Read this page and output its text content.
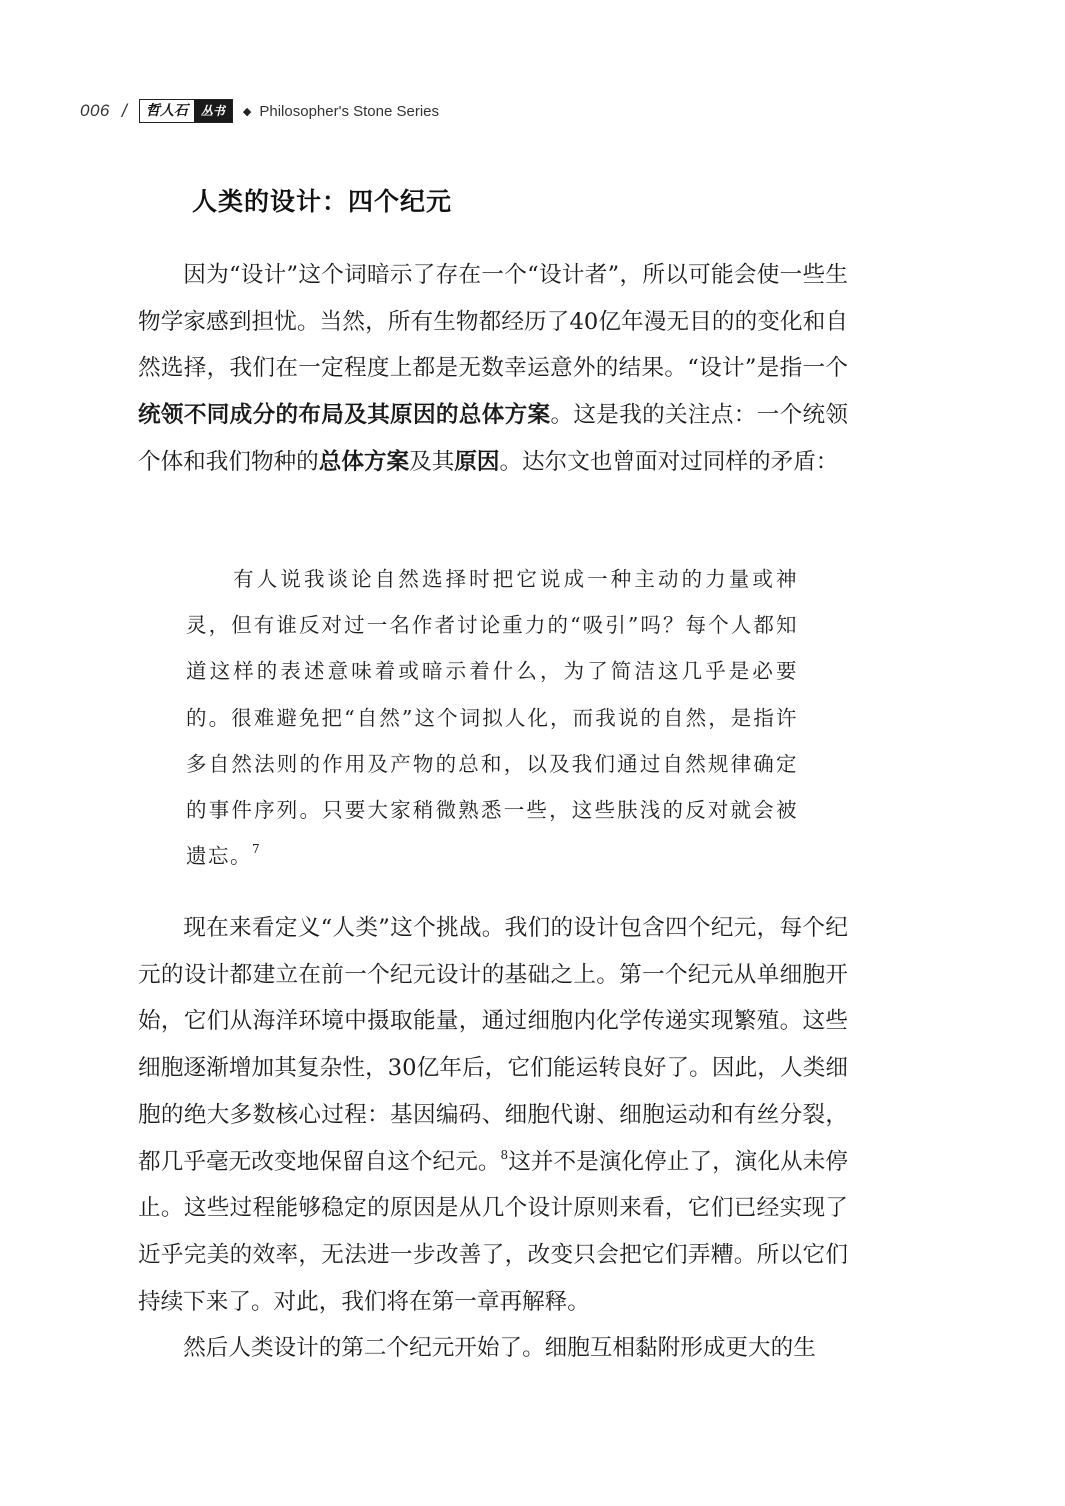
006 /	哲人石	丛书	◆ Philosopher's Stone Series
人类的设计：四个纪元

因为“设计”这个词暗示了存在一个“设计者”，所以可能会使一些生物学家感到担忧。当然，所有生物都经历了40亿年漫无目的的变化和自然选择，我们在一定程度上都是无数幸运意外的结果。“设计”是指一个统领不同成分的布局及其原因的总体方案。这是我的关注点：一个统领个体和我们物种的总体方案及其原因。达尔文也曾面对过同样的矛盾：

有人说我谈论自然选择时把它说成一种主动的力量或神灵，但有谁反对过一名作者讨论重力的“吸引”吗？每个人都知道这样的表述意味着或暗示着什么，为了简洁这几乎是必要的。很难避免把“自然”这个词拟人化，而我说的自然，是指许多自然法则的作用及产物的总和，以及我们通过自然规律确定的事件序列。只要大家稍微熟悉一些，这些肤浅的反对就会被遗忘。$^7$

现在来看定义“人类”这个挑战。我们的设计包含四个纪元，每个纪元的设计都建立在前一个纪元设计的基础之上。第一个纪元从单细胞开始，它们从海洋环境中摄取能量，通过细胞内化学传递实现繁殖。这些细胞逐渐增加其复杂性，30亿年后，它们能运转良好了。因此，人类细胞的绝大多数核心过程：基因编码、细胞代谢、细胞运动和有丝分裂，都几乎毫无改变地保留自这个纪元。$^8$这并不是演化停止了，演化从未停止。这些过程能够稳定的原因是从几个设计原则来看，它们已经实现了近乎完美的效率，无法进一步改善了，改变只会把它们弄糟。所以它们持续下来了。对此，我们将在第一章再解释。

然后人类设计的第二个纪元开始了。细胞互相黏附形成更大的生
